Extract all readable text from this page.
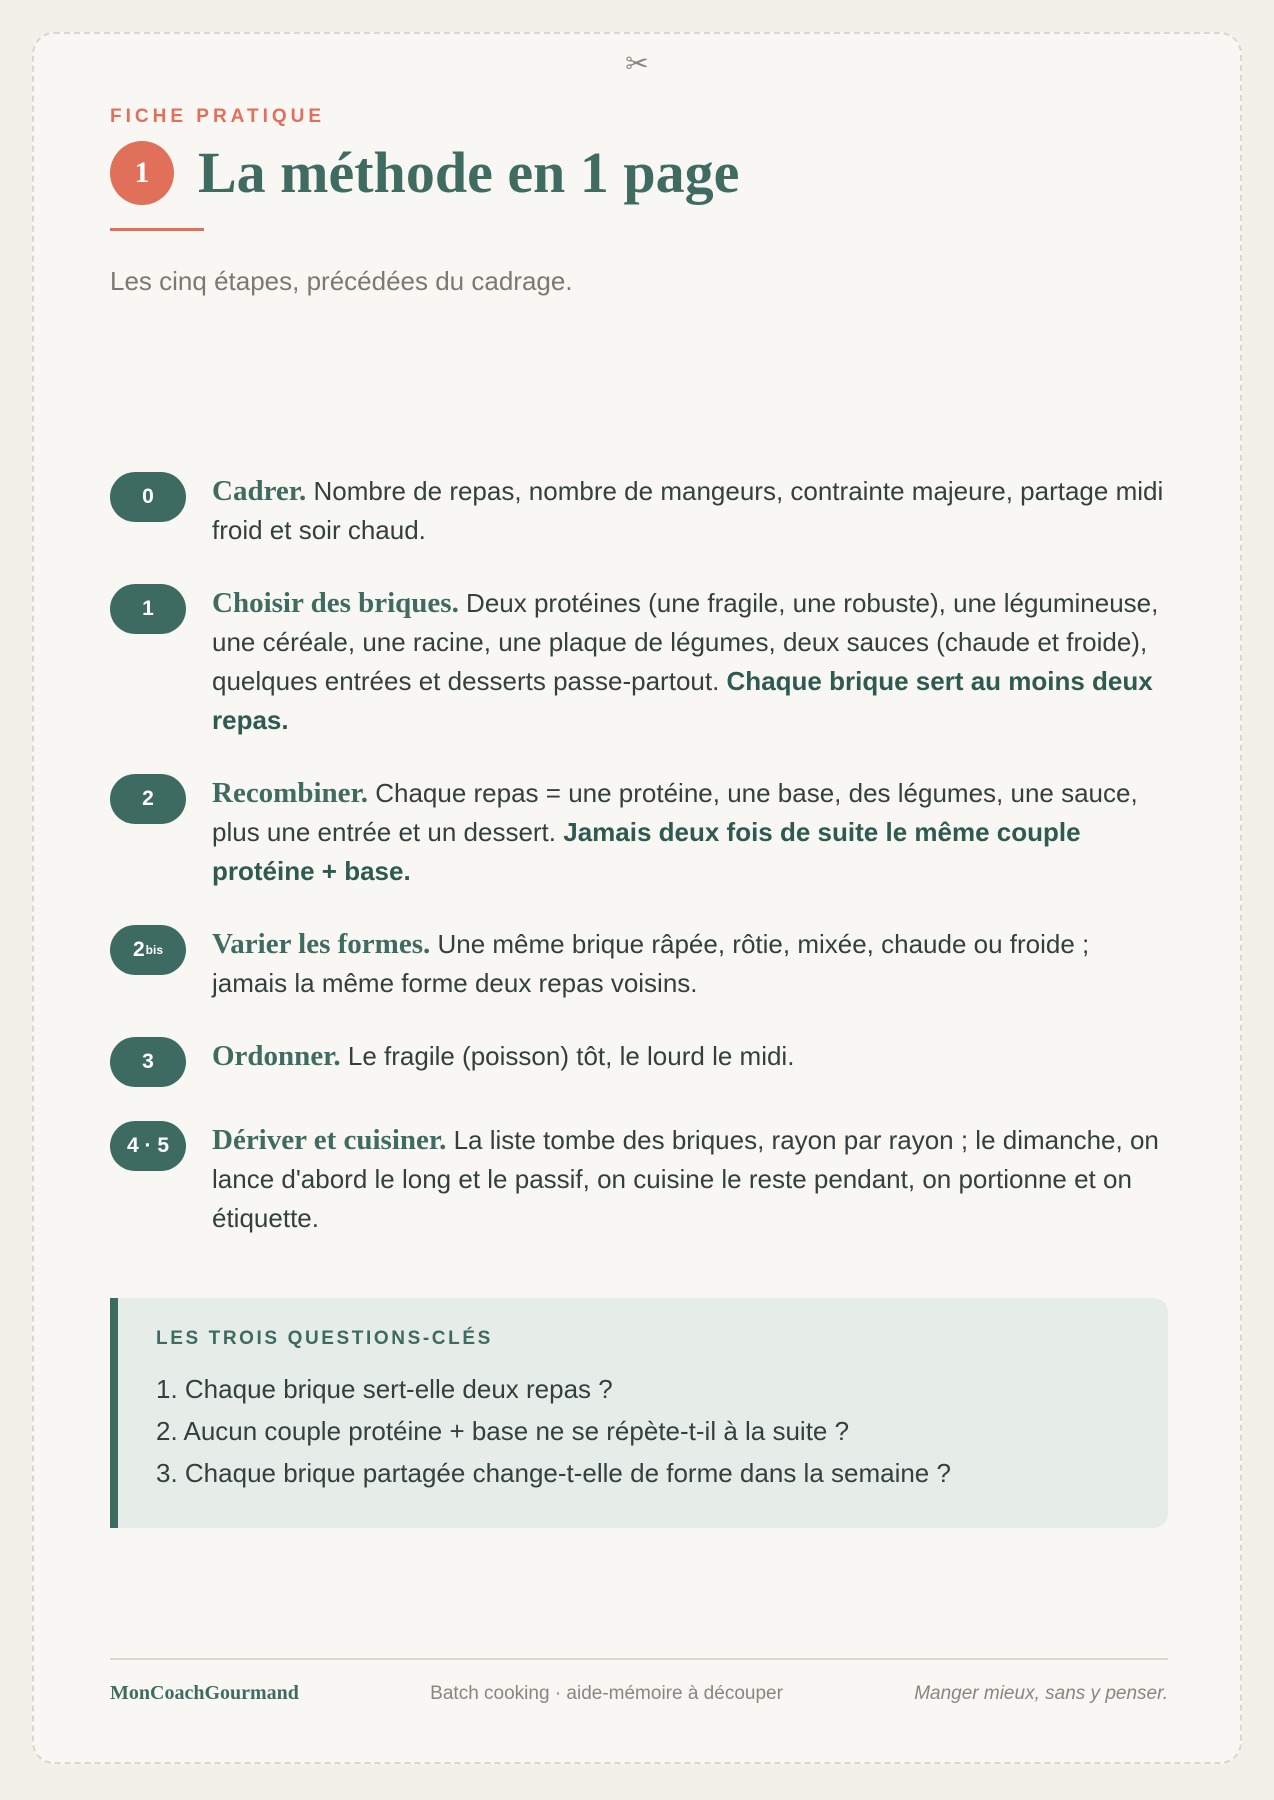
✂
FICHE PRATIQUE
1 La méthode en 1 page
Les cinq étapes, précédées du cadrage.
0 Cadrer. Nombre de repas, nombre de mangeurs, contrainte majeure, partage midi froid et soir chaud.
1 Choisir des briques. Deux protéines (une fragile, une robuste), une légumineuse, une céréale, une racine, une plaque de légumes, deux sauces (chaude et froide), quelques entrées et desserts passe-partout. Chaque brique sert au moins deux repas.
2 Recombiner. Chaque repas = une protéine, une base, des légumes, une sauce, plus une entrée et un dessert. Jamais deux fois de suite le même couple protéine + base.
2 bis Varier les formes. Une même brique râpée, rôtie, mixée, chaude ou froide ; jamais la même forme deux repas voisins.
3 Ordonner. Le fragile (poisson) tôt, le lourd le midi.
4 · 5 Dériver et cuisiner. La liste tombe des briques, rayon par rayon ; le dimanche, on lance d'abord le long et le passif, on cuisine le reste pendant, on portionne et on étiquette.
LES TROIS QUESTIONS-CLÉS
1. Chaque brique sert-elle deux repas ?
2. Aucun couple protéine + base ne se répète-t-il à la suite ?
3. Chaque brique partagée change-t-elle de forme dans la semaine ?
MonCoachGourmand	Batch cooking · aide-mémoire à découper	Manger mieux, sans y penser.
